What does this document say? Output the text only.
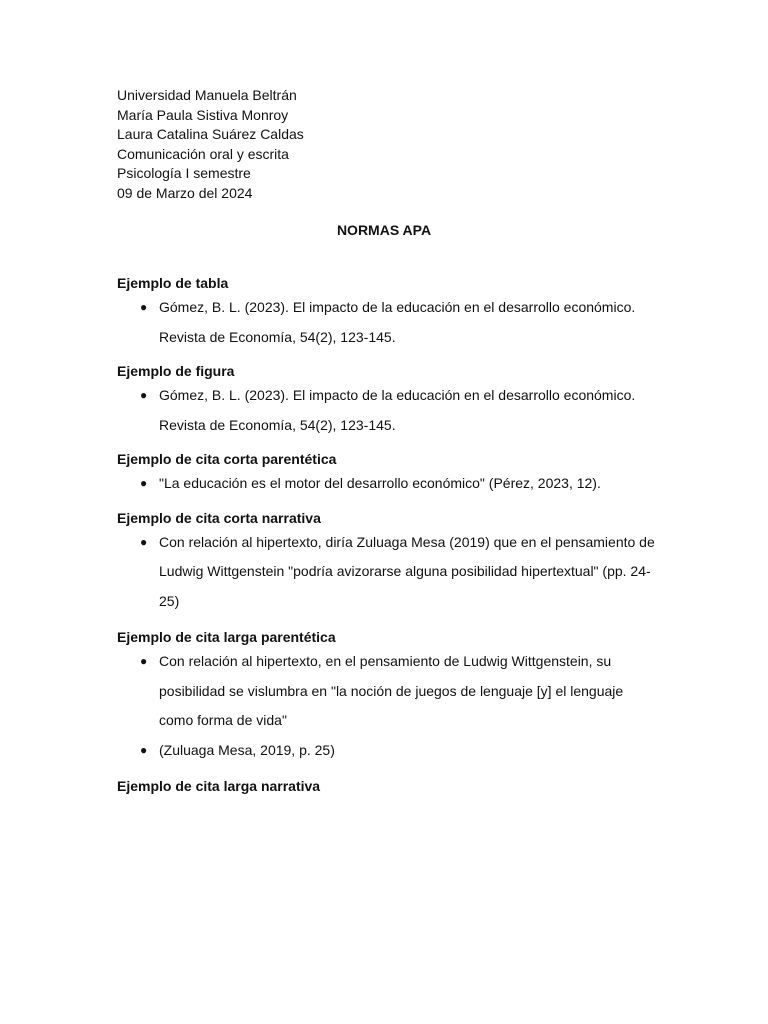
Universidad Manuela Beltrán
María Paula Sistiva Monroy
Laura Catalina Suárez Caldas
Comunicación oral y escrita
Psicología I semestre
09 de Marzo del 2024
NORMAS APA
Ejemplo de tabla
● Gómez, B. L. (2023). El impacto de la educación en el desarrollo económico. Revista de Economía, 54(2), 123-145.
Ejemplo de figura
● Gómez, B. L. (2023). El impacto de la educación en el desarrollo económico. Revista de Economía, 54(2), 123-145.
Ejemplo de cita corta parentética
● "La educación es el motor del desarrollo económico" (Pérez, 2023, 12).
Ejemplo de cita corta narrativa
● Con relación al hipertexto, diría Zuluaga Mesa (2019) que en el pensamiento de Ludwig Wittgenstein "podría avizorarse alguna posibilidad hipertextual" (pp. 24-25)
Ejemplo de cita larga parentética
● Con relación al hipertexto, en el pensamiento de Ludwig Wittgenstein, su posibilidad se vislumbra en "la noción de juegos de lenguaje [y] el lenguaje como forma de vida"
● (Zuluaga Mesa, 2019, p. 25)
Ejemplo de cita larga narrativa
